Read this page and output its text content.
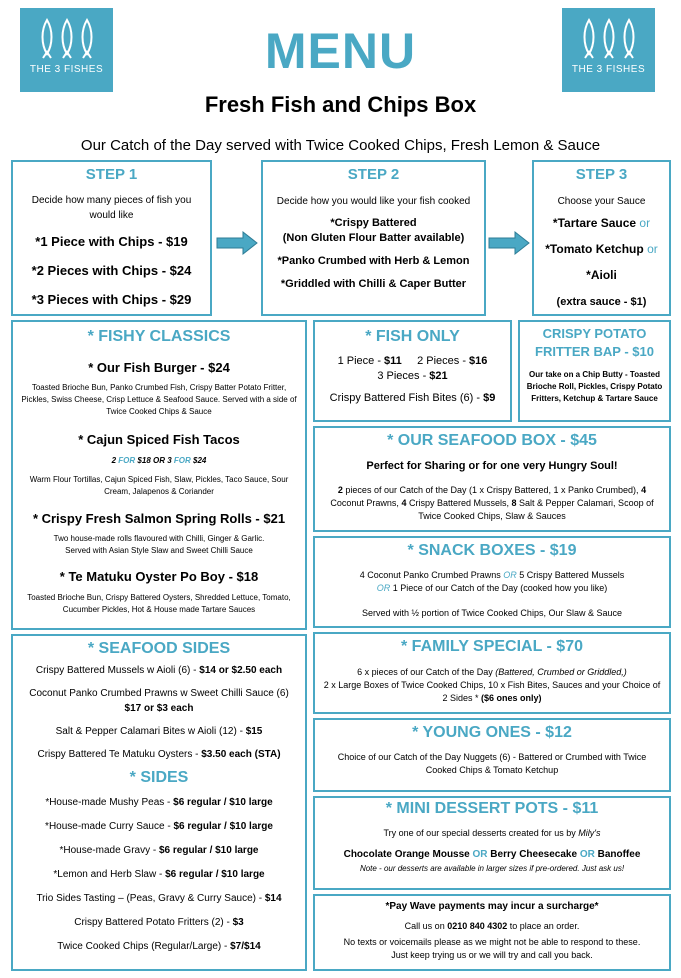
THE 3 FISHES	THE 3 FISHES
MENU
Fresh Fish and Chips Box
Our Catch of the Day served with Twice Cooked Chips, Fresh Lemon & Sauce
STEP 1
Decide how many pieces of fish you would like
*1 Piece with Chips - $19
*2 Pieces with Chips - $24
*3 Pieces with Chips - $29
STEP 2
Decide how you would like your fish cooked
*Crispy Battered
(Non Gluten Flour Batter available)
*Panko Crumbed with Herb & Lemon
*Griddled with Chilli & Caper Butter
STEP 3
Choose your Sauce
*Tartare Sauce or
*Tomato Ketchup or
*Aioli
(extra sauce - $1)
* FISHY CLASSICS
* Our Fish Burger - $24
Toasted Brioche Bun, Panko Crumbed Fish, Crispy Batter Potato Fritter, Pickles, Swiss Cheese, Crisp Lettuce & Seafood Sauce. Served with a side of Twice Cooked Chips & Sauce
* Cajun Spiced Fish Tacos
2 FOR $18 OR 3 FOR $24
Warm Flour Tortillas, Cajun Spiced Fish, Slaw, Pickles, Taco Sauce, Sour Cream, Jalapenos & Coriander
* Crispy Fresh Salmon Spring Rolls - $21
Two house-made rolls flavoured with Chilli, Ginger & Garlic. Served with Asian Style Slaw and Sweet Chilli Sauce
* Te Matuku Oyster Po Boy - $18
Toasted Brioche Bun, Crispy Battered Oysters, Shredded Lettuce, Tomato, Cucumber Pickles, Hot & House made Tartare Sauces
* FISH ONLY
1 Piece - $11 2 Pieces - $16
3 Pieces - $21
Crispy Battered Fish Bites (6) - $9
CRISPY POTATO FRITTER BAP - $10
Our take on a Chip Butty - Toasted Brioche Roll, Pickles, Crispy Potato Fritters, Ketchup & Tartare Sauce
* OUR SEAFOOD BOX - $45
Perfect for Sharing or for one very Hungry Soul!
2 pieces of our Catch of the Day (1 x Crispy Battered, 1 x Panko Crumbed), 4 Coconut Prawns, 4 Crispy Battered Mussels, 8 Salt & Pepper Calamari, Scoop of Twice Cooked Chips, Slaw & Sauces
* SNACK BOXES - $19
4 Coconut Panko Crumbed Prawns OR 5 Crispy Battered Mussels
OR 1 Piece of our Catch of the Day (cooked how you like)
Served with ½ portion of Twice Cooked Chips, Our Slaw & Sauce
* SEAFOOD SIDES
Crispy Battered Mussels w Aioli (6) - $14 or $2.50 each
Coconut Panko Crumbed Prawns w Sweet Chilli Sauce (6)
$17 or $3 each
Salt & Pepper Calamari Bites w Aioli (12) - $15
Crispy Battered Te Matuku Oysters - $3.50 each (STA)
* SIDES
*House-made Mushy Peas - $6 regular / $10 large
*House-made Curry Sauce - $6 regular / $10 large
*House-made Gravy - $6 regular / $10 large
*Lemon and Herb Slaw - $6 regular / $10 large
Trio Sides Tasting – (Peas, Gravy & Curry Sauce) - $14
Crispy Battered Potato Fritters (2) - $3
Twice Cooked Chips (Regular/Large) - $7/$14
* FAMILY SPECIAL - $70
6 x pieces of our Catch of the Day (Battered, Crumbed or Griddled,)
2 x Large Boxes of Twice Cooked Chips, 10 x Fish Bites, Sauces and your Choice of 2 Sides * ($6 ones only)
* YOUNG ONES - $12
Choice of our Catch of the Day Nuggets (6) - Battered or Crumbed with Twice Cooked Chips & Tomato Ketchup
* MINI DESSERT POTS - $11
Try one of our special desserts created for us by Mily's
Chocolate Orange Mousse OR Berry Cheesecake OR Banoffee
Note - our desserts are available in larger sizes if pre-ordered. Just ask us!
*Pay Wave payments may incur a surcharge*
Call us on 0210 840 4302 to place an order.
No texts or voicemails please as we might not be able to respond to these.
Just keep trying us or we will try and call you back.
